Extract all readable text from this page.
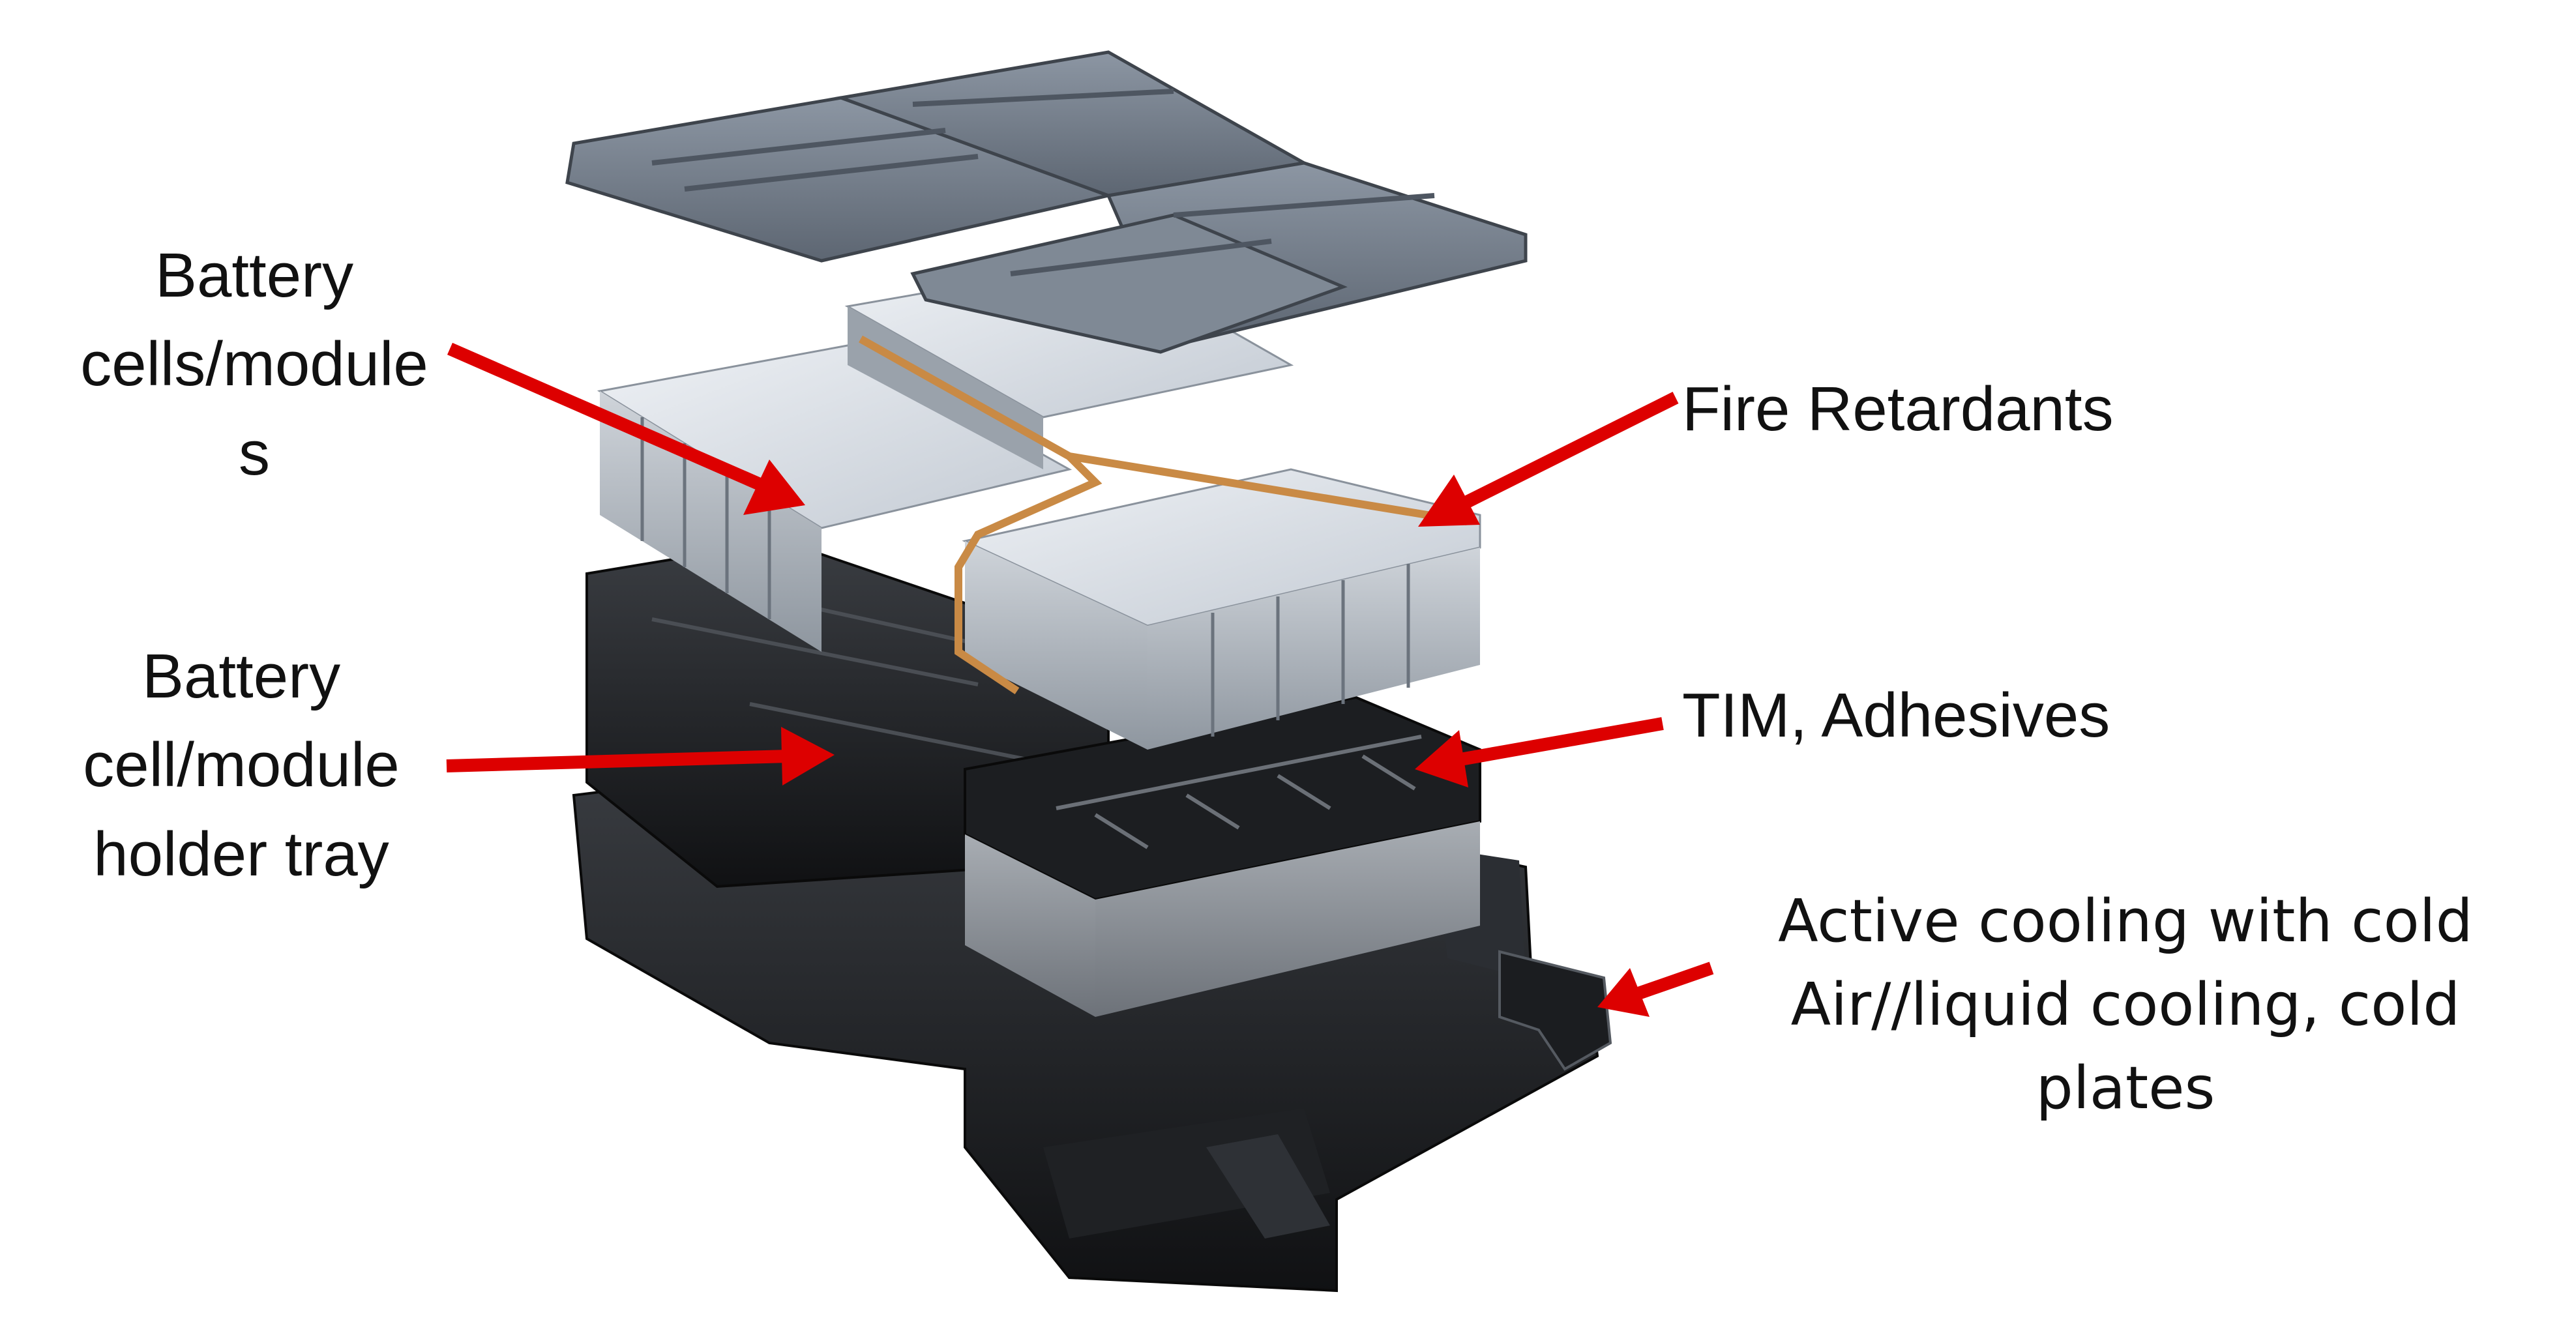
Battery
cells/module
s
Battery
cell/module
holder tray
Fire Retardants
TIM, Adhesives
Active cooling with cold
Air//liquid cooling, cold
plates
